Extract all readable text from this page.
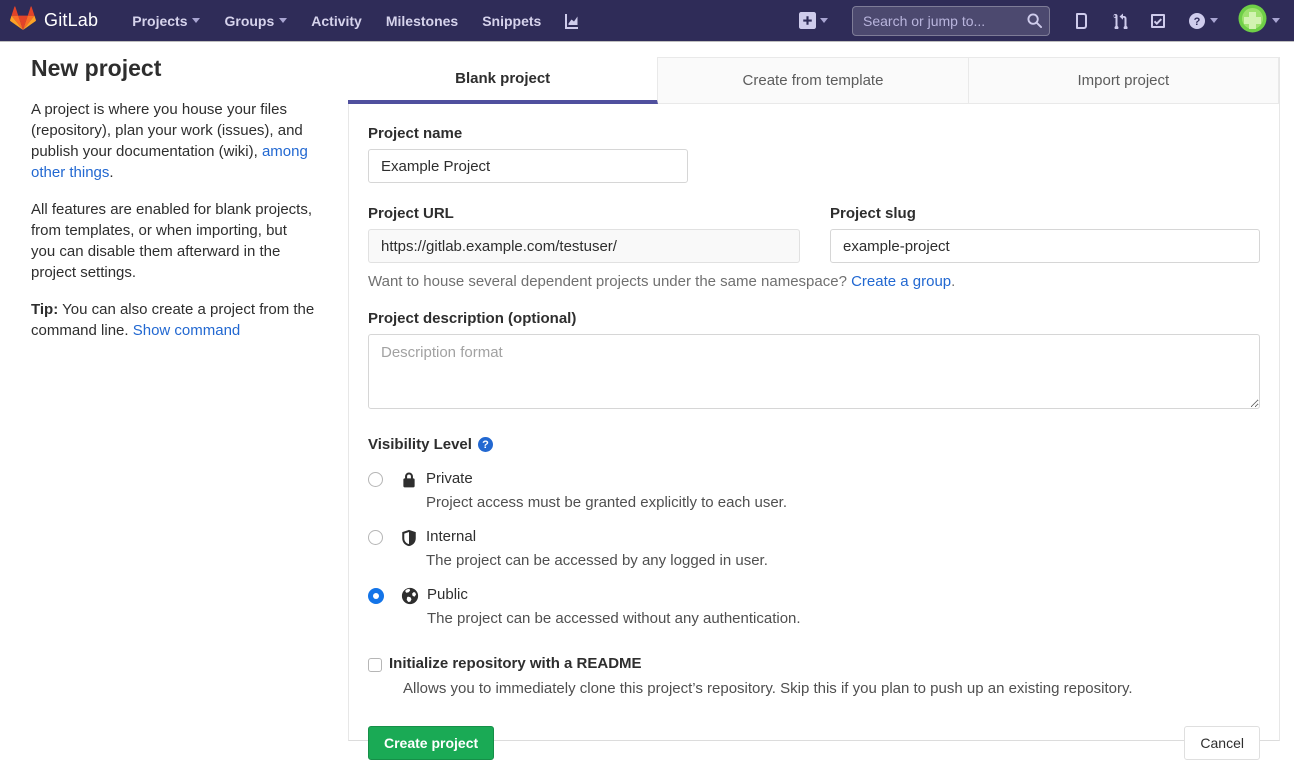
GitLab Projects	Groups	Activity Milestones Snippets
Search or jump to...	?
New project

A project is where you house your files (repository), plan your work (issues), and publish your documentation (wiki), among other things.

All features are enabled for blank projects, from templates, or when importing, but you can disable them afterward in the project settings.

Tip: You can also create a project from the command line. Show command

Blank project	Create from template	Import project
Project name
Example Project
Project URL
https://gitlab.example.com/testuser/	Project slug
example-project
Want to house several dependent projects under the same namespace? Create a group.
Project description (optional)
Description format
Visibility Level ?
Private
Project access must be granted explicitly to each user.
Internal
The project can be accessed by any logged in user.
Public
The project can be accessed without any authentication.
Initialize repository with a README
Allows you to immediately clone this project’s repository. Skip this if you plan to push up an existing repository.
Create project	Cancel
